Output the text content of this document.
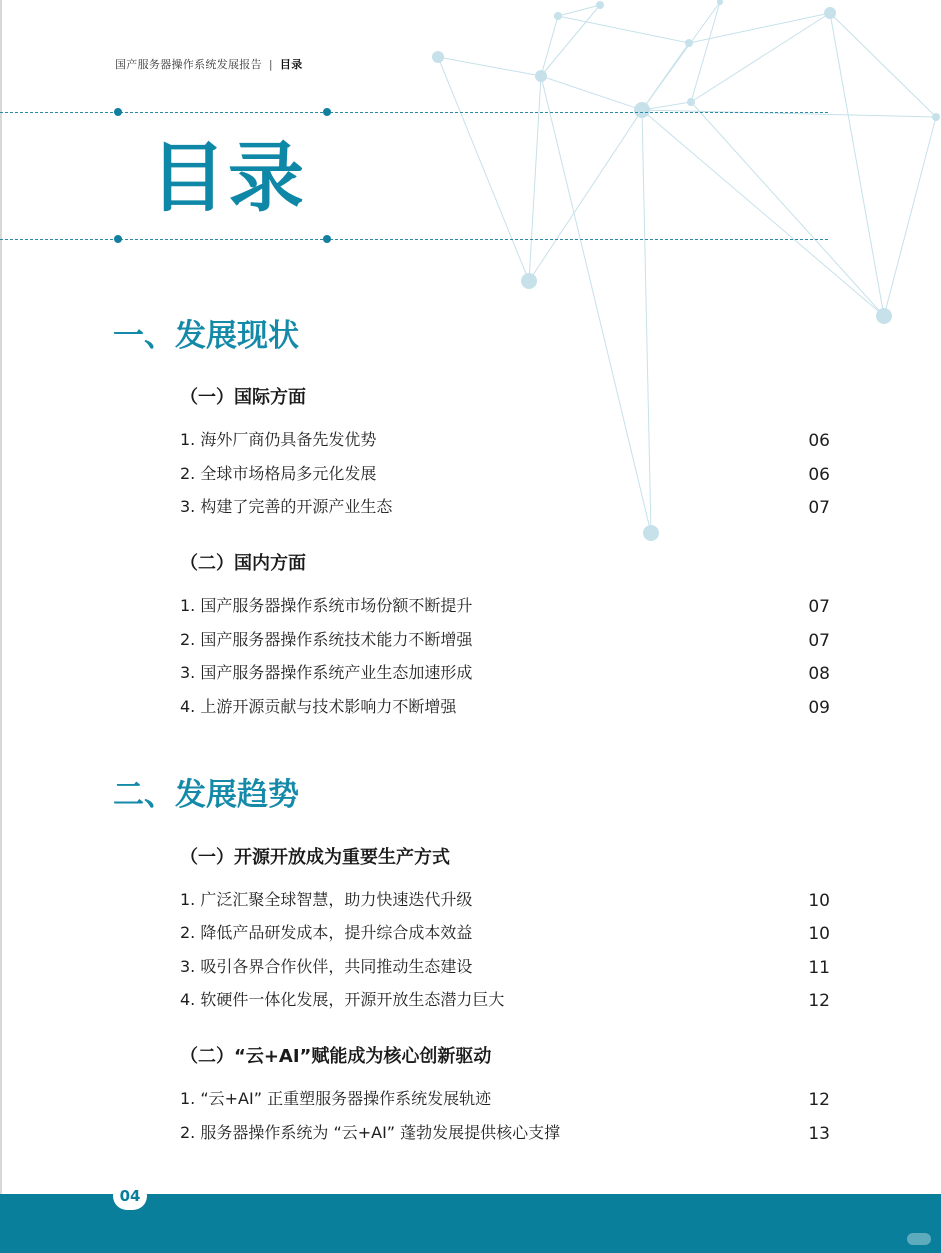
国产服务器操作系统发展报告 | 目录
目录
一、发展现状
（一）国际方面
1. 海外厂商仍具备先发优势	06
2. 全球市场格局多元化发展	06
3. 构建了完善的开源产业生态	07
（二）国内方面
1. 国产服务器操作系统市场份额不断提升	07
2. 国产服务器操作系统技术能力不断增强	07
3. 国产服务器操作系统产业生态加速形成	08
4. 上游开源贡献与技术影响力不断增强	09
二、发展趋势
（一）开源开放成为重要生产方式
1. 广泛汇聚全球智慧，助力快速迭代升级	10
2. 降低产品研发成本，提升综合成本效益	10
3. 吸引各界合作伙伴，共同推动生态建设	11
4. 软硬件一体化发展，开源开放生态潜力巨大	12
（二）“云+AI”赋能成为核心创新驱动
1. “云+AI” 正重塑服务器操作系统发展轨迹	12
2. 服务器操作系统为 “云+AI” 蓬勃发展提供核心支撑	13
04
